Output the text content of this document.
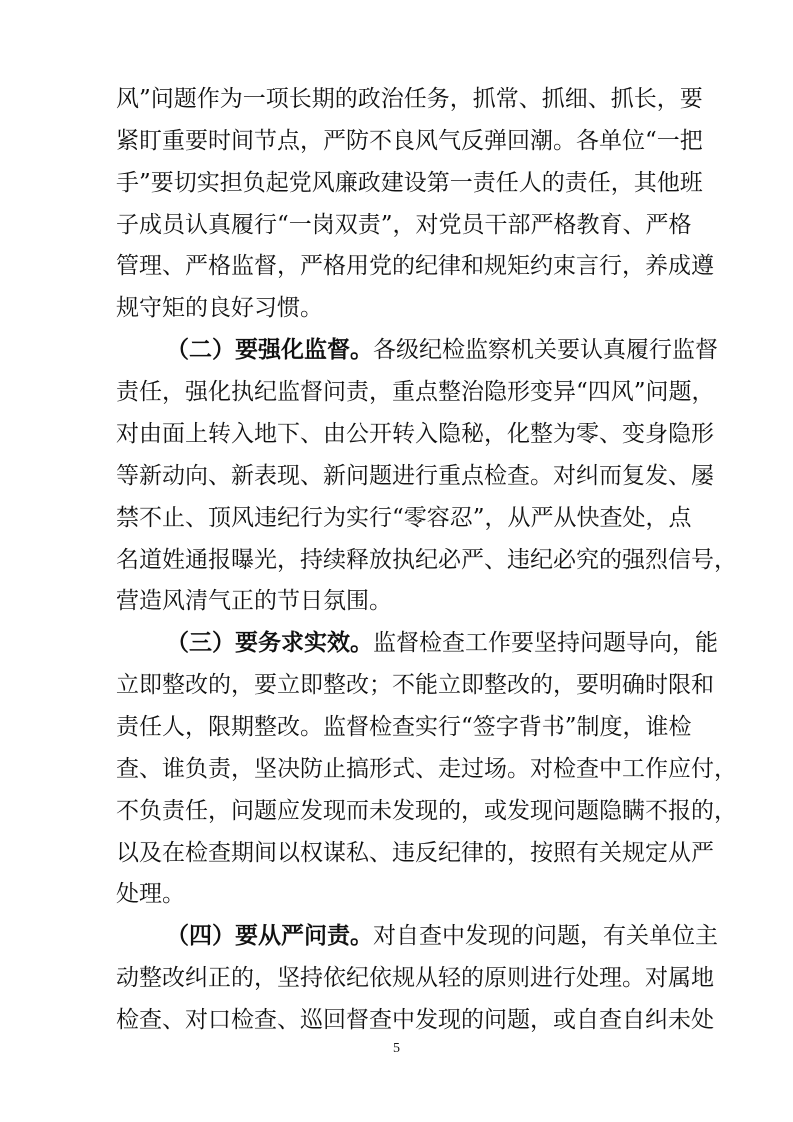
风”问题作为一项长期的政治任务，抓常、抓细、抓长，要
紧盯重要时间节点，严防不良风气反弹回潮。各单位“一把
手”要切实担负起党风廉政建设第一责任人的责任，其他班
子成员认真履行“一岗双责”，对党员干部严格教育、严格
管理、严格监督，严格用党的纪律和规矩约束言行，养成遵
规守矩的良好习惯。
（二）要强化监督。各级纪检监察机关要认真履行监督
责任，强化执纪监督问责，重点整治隐形变异“四风”问题，
对由面上转入地下、由公开转入隐秘，化整为零、变身隐形
等新动向、新表现、新问题进行重点检查。对纠而复发、屡
禁不止、顶风违纪行为实行“零容忍”，从严从快查处，点
名道姓通报曝光，持续释放执纪必严、违纪必究的强烈信号，
营造风清气正的节日氛围。
（三）要务求实效。监督检查工作要坚持问题导向，能
立即整改的，要立即整改；不能立即整改的，要明确时限和
责任人，限期整改。监督检查实行“签字背书”制度，谁检
查、谁负责，坚决防止搞形式、走过场。对检查中工作应付，
不负责任，问题应发现而未发现的，或发现问题隐瞒不报的，
以及在检查期间以权谋私、违反纪律的，按照有关规定从严
处理。
5
（四）要从严问责。对自查中发现的问题，有关单位主
动整改纠正的，坚持依纪依规从轻的原则进行处理。对属地
检查、对口检查、巡回督查中发现的问题，或自查自纠未处
